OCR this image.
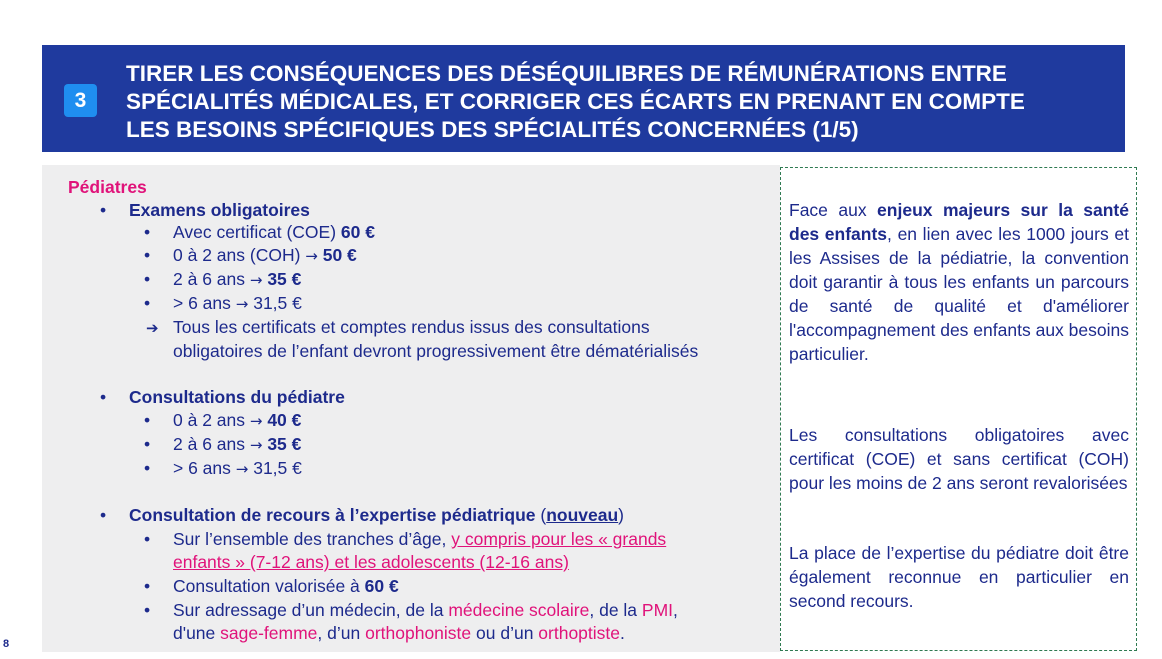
3
TIRER LES CONSÉQUENCES DES DÉSÉQUILIBRES DE RÉMUNÉRATIONS ENTRE
SPÉCIALITÉS MÉDICALES, ET CORRIGER CES ÉCARTS EN PRENANT EN COMPTE
LES BESOINS SPÉCIFIQUES DES SPÉCIALITÉS CONCERNÉES (1/5)
Pédiatres
• Examens obligatoires
• Avec certificat (COE) 60 €
• 0 à 2 ans (COH) → 50 €
• 2 à 6 ans → 35 €
• > 6 ans → 31,5 €
➔ Tous les certificats et comptes rendus issus des consultations
obligatoires de l’enfant devront progressivement être dématérialisés
• Consultations du pédiatre
• 0 à 2 ans → 40 €
• 2 à 6 ans → 35 €
• > 6 ans → 31,5 €
• Consultation de recours à l’expertise pédiatrique (nouveau)
• Sur l’ensemble des tranches d’âge, y compris pour les « grands
enfants » (7-12 ans) et les adolescents (12-16 ans)
• Consultation valorisée à 60 €
• Sur adressage d’un médecin, de la médecine scolaire, de la PMI,
d'une sage-femme, d’un orthophoniste ou d’un orthoptiste.

Face aux enjeux majeurs sur la santé des enfants, en lien avec les 1000 jours et les Assises de la pédiatrie, la convention doit garantir à tous les enfants un parcours de santé de qualité et d'améliorer l'accompagnement des enfants aux besoins particulier.

Les consultations obligatoires avec certificat (COE) et sans certificat (COH) pour les moins de 2 ans seront revalorisées

La place de l’expertise du pédiatre doit être également reconnue en particulier en second recours.

8
